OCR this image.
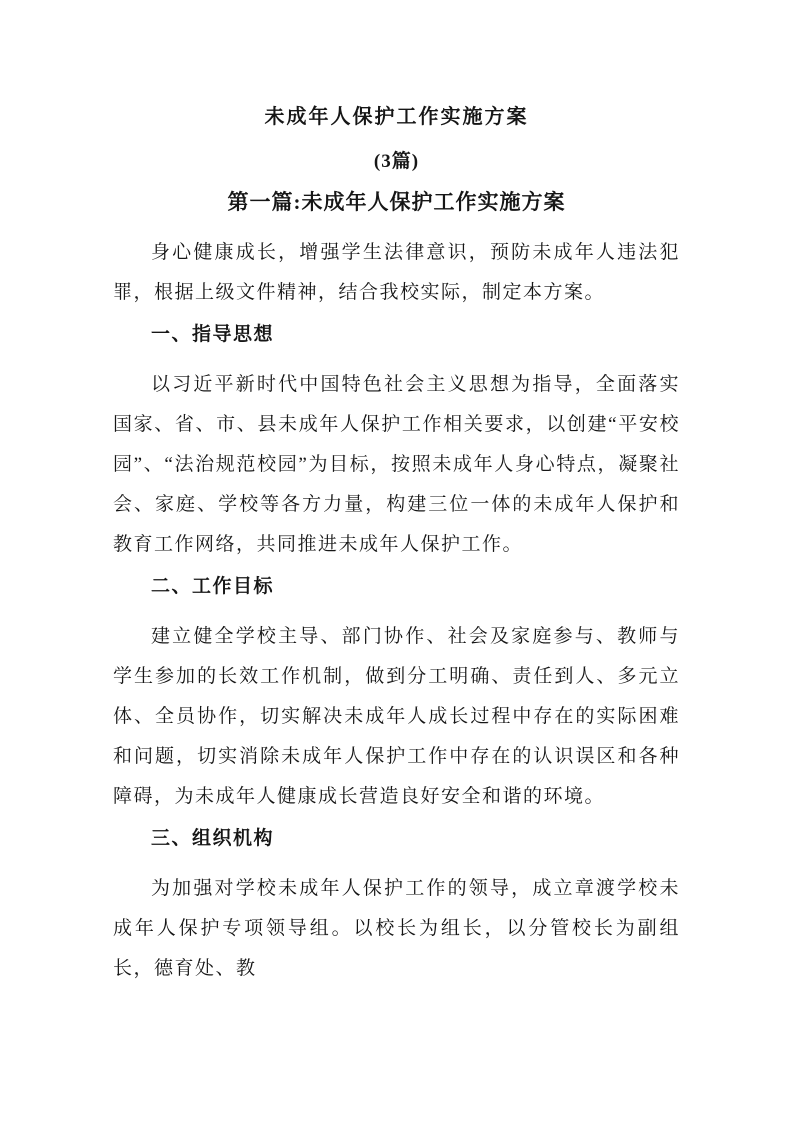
未成年人保护工作实施方案
(3篇)
第一篇:未成年人保护工作实施方案
身心健康成长，增强学生法律意识，预防未成年人违法犯罪，根据上级文件精神，结合我校实际，制定本方案。
一、指导思想
以习近平新时代中国特色社会主义思想为指导，全面落实国家、省、市、县未成年人保护工作相关要求，以创建“平安校园”、“法治规范校园”为目标，按照未成年人身心特点，凝聚社会、家庭、学校等各方力量，构建三位一体的未成年人保护和教育工作网络，共同推进未成年人保护工作。
二、工作目标
建立健全学校主导、部门协作、社会及家庭参与、教师与学生参加的长效工作机制，做到分工明确、责任到人、多元立体、全员协作，切实解决未成年人成长过程中存在的实际困难和问题，切实消除未成年人保护工作中存在的认识误区和各种障碍，为未成年人健康成长营造良好安全和谐的环境。
三、组织机构
为加强对学校未成年人保护工作的领导，成立章渡学校未成年人保护专项领导组。以校长为组长，以分管校长为副组长，德育处、教
